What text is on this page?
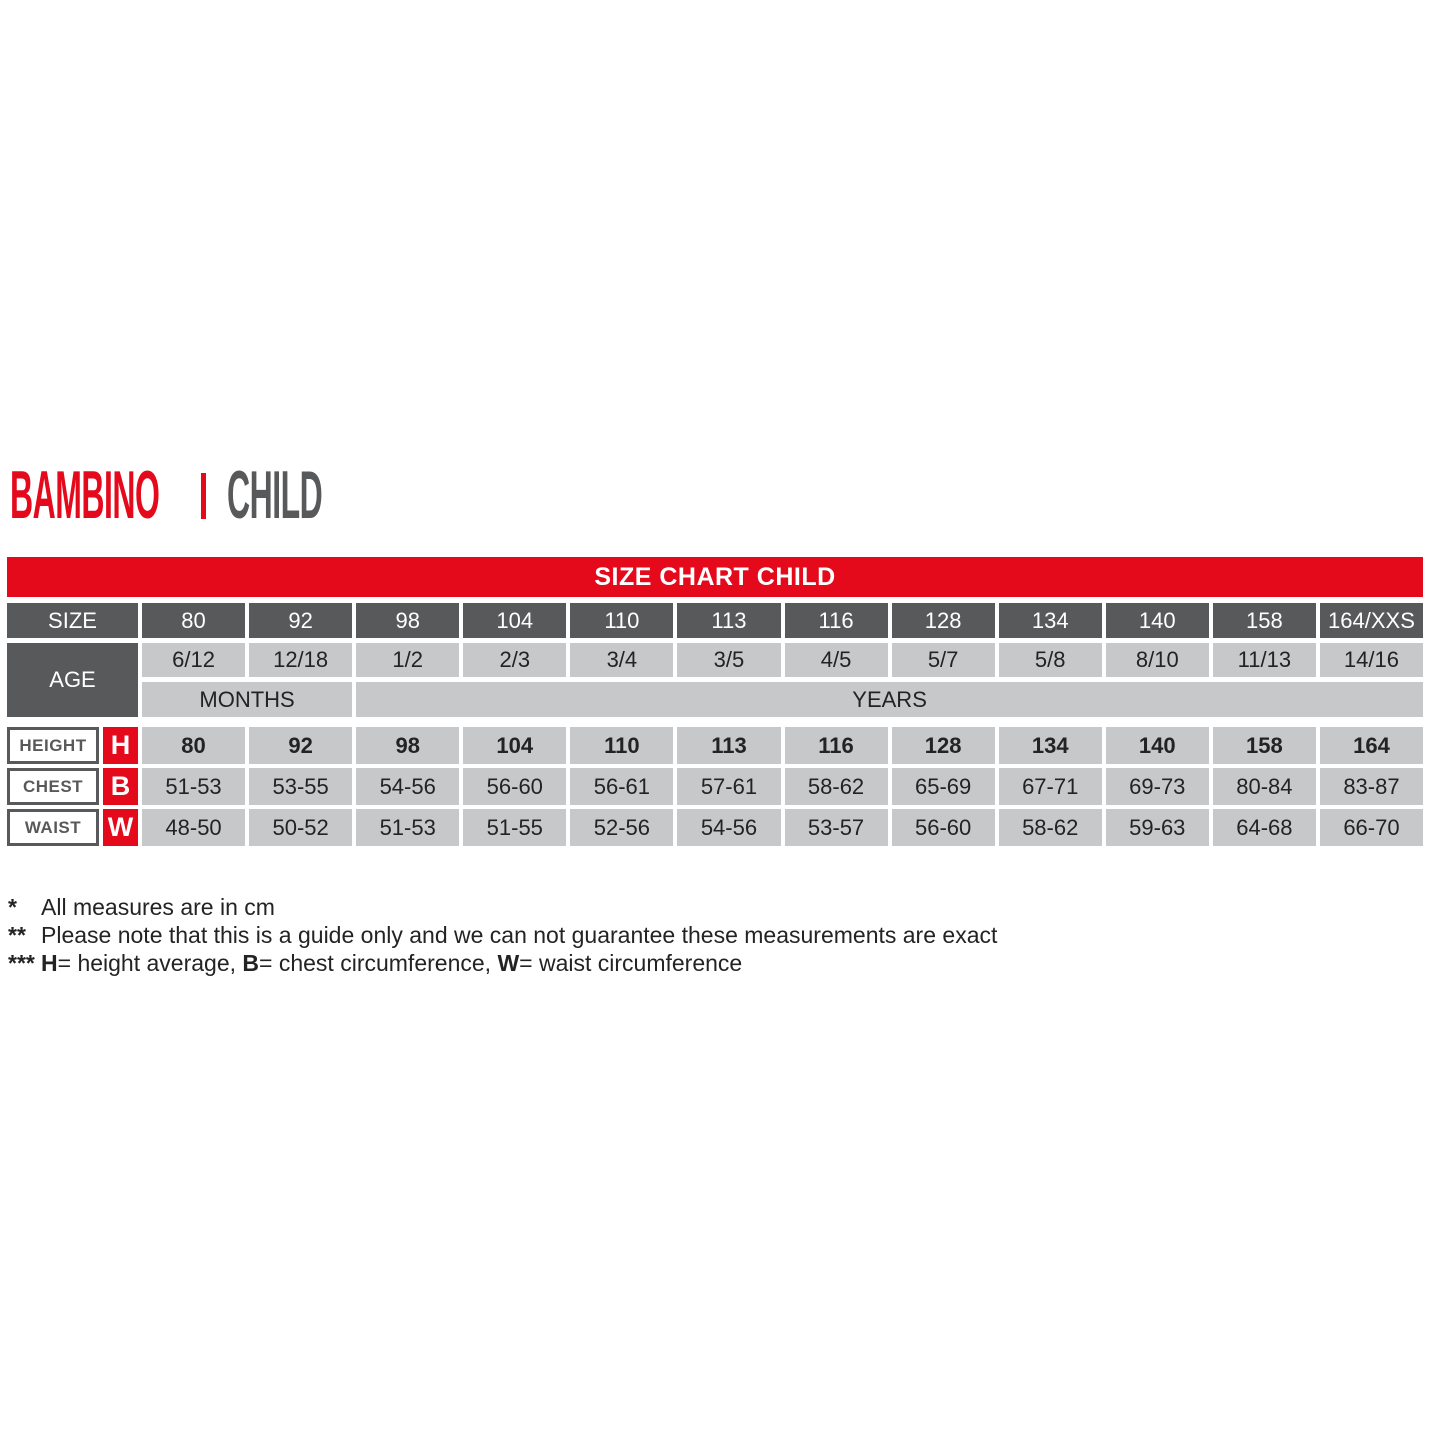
BAMBINO CHILD
SIZE CHART CHILD
SIZE	80	92	98	104	110	113	116	128	134	140	158	164/XXS
AGE
6/12	12/18	1/2	2/3	3/4	3/5	4/5	5/7	5/8	8/10	11/13	14/16
MONTHS	YEARS
HEIGHT H	80	92	98	104	110	113	116	128	134	140	158	164
CHEST	B	51-53	53-55	54-56	56-60	56-61	57-61	58-62	65-69	67-71	69-73	80-84	83-87
WAIST W	48-50	50-52	51-53	51-55	52-56	54-56	53-57	56-60	58-62	59-63	64-68	66-70
*	All measures are in cm
** Please note that this is a guide only and we can not guarantee these measurements are exact
*** H= height average, B= chest circumference, W= waist circumference
